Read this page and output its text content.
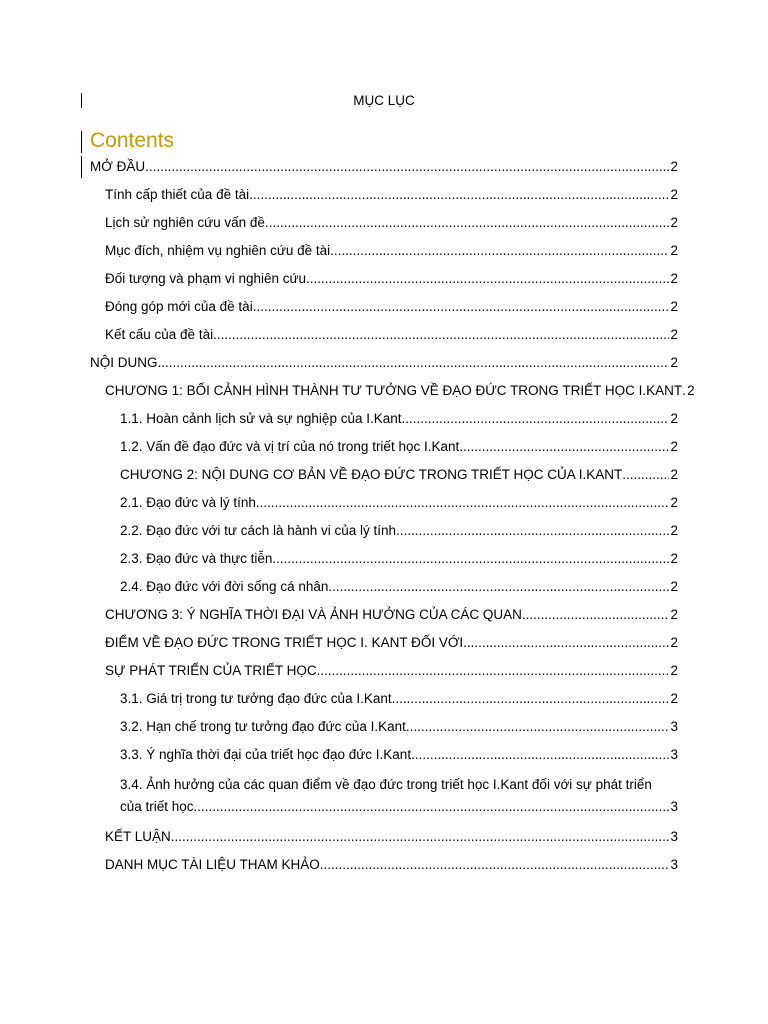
MỤC LỤC
Contents
MỞ ĐẦU .....	2
Tính cấp thiết của đề tài .....	2
Lịch sử nghiên cứu vấn đề .....	2
Mục đích, nhiệm vụ nghiên cứu đề tài .....	2
Đối tượng và phạm vi nghiên cứu .....	2
Đóng góp mới của đề tài .....	2
Kết cấu của đề tài .....	2
NỘI DUNG .....	2
CHƯƠNG 1: BỐI CẢNH HÌNH THÀNH TƯ TƯỞNG VỀ ĐẠO ĐỨC TRONG TRIẾT HỌC I.KANT ..... 2
1.1. Hoàn cảnh lịch sử và sự nghiệp của I.Kant .....	2
1.2. Vấn đề đạo đức và vị trí của nó trong triết học I.Kant .....	2
CHƯƠNG 2: NỘI DUNG CƠ BẢN VỀ ĐẠO ĐỨC TRONG TRIẾT HỌC CỦA I.KANT .....	2
2.1. Đạo đức và lý tính .....	2
2.2. Đạo đức với tư cách là hành vi của lý tính .....	2
2.3. Đạo đức và thực tiễn .....	2
2.4. Đạo đức với đời sống cá nhân .....	2
CHƯƠNG 3: Ý NGHĨA THỜI ĐẠI VÀ ẢNH HƯỞNG CỦA CÁC QUAN .....	2
ĐIỂM VỀ ĐẠO ĐỨC TRONG TRIẾT HỌC I. KANT ĐỐI VỚI .....	2
SỰ PHÁT TRIỂN CỦA TRIẾT HỌC .....	2
3.1. Giá trị trong tư tưởng đạo đức của I.Kant .....	2
3.2. Hạn chế trong tư tưởng đạo đức của I.Kant .....	3
3.3. Ý nghĩa thời đại của triết học đạo đức I.Kant .....	3
3.4. Ảnh hưởng của các quan điểm về đạo đức trong triết học I.Kant đối với sự phát triển
của triết học .....	3
KẾT LUẬN .....	3
DANH MỤC TÀI LIỆU THAM KHẢO .....	3
